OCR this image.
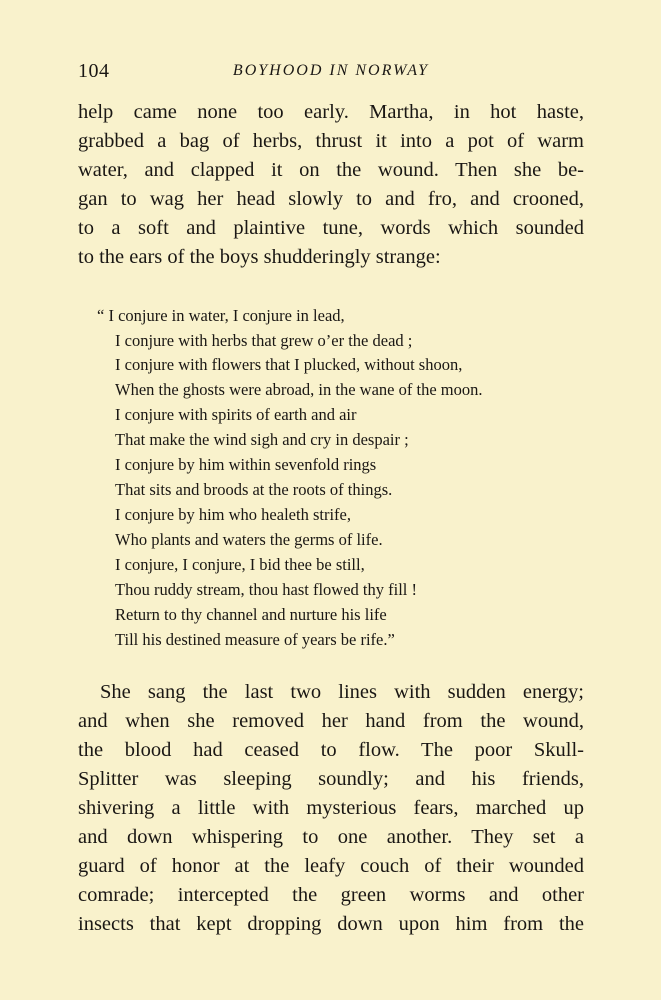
104	BOYHOOD IN NORWAY
help came none too early. Martha, in hot haste,
grabbed a bag of herbs, thrust it into a pot of warm
water, and clapped it on the wound. Then she be-
gan to wag her head slowly to and fro, and crooned,
to a soft and plaintive tune, words which sounded
to the ears of the boys shudderingly strange:
“ I conjure in water, I conjure in lead,
I conjure with herbs that grew o’er the dead ;
I conjure with flowers that I plucked, without shoon,
When the ghosts were abroad, in the wane of the moon.
I conjure with spirits of earth and air
That make the wind sigh and cry in despair ;
I conjure by him within sevenfold rings
That sits and broods at the roots of things.
I conjure by him who healeth strife,
Who plants and waters the germs of life.
I conjure, I conjure, I bid thee be still,
Thou ruddy stream, thou hast flowed thy fill !
Return to thy channel and nurture his life
Till his destined measure of years be rife.”
She sang the last two lines with sudden energy;
and when she removed her hand from the wound,
the blood had ceased to flow. The poor Skull-
Splitter was sleeping soundly; and his friends,
shivering a little with mysterious fears, marched up
and down whispering to one another. They set a
guard of honor at the leafy couch of their wounded
comrade; intercepted the green worms and other
insects that kept dropping down upon him from the
